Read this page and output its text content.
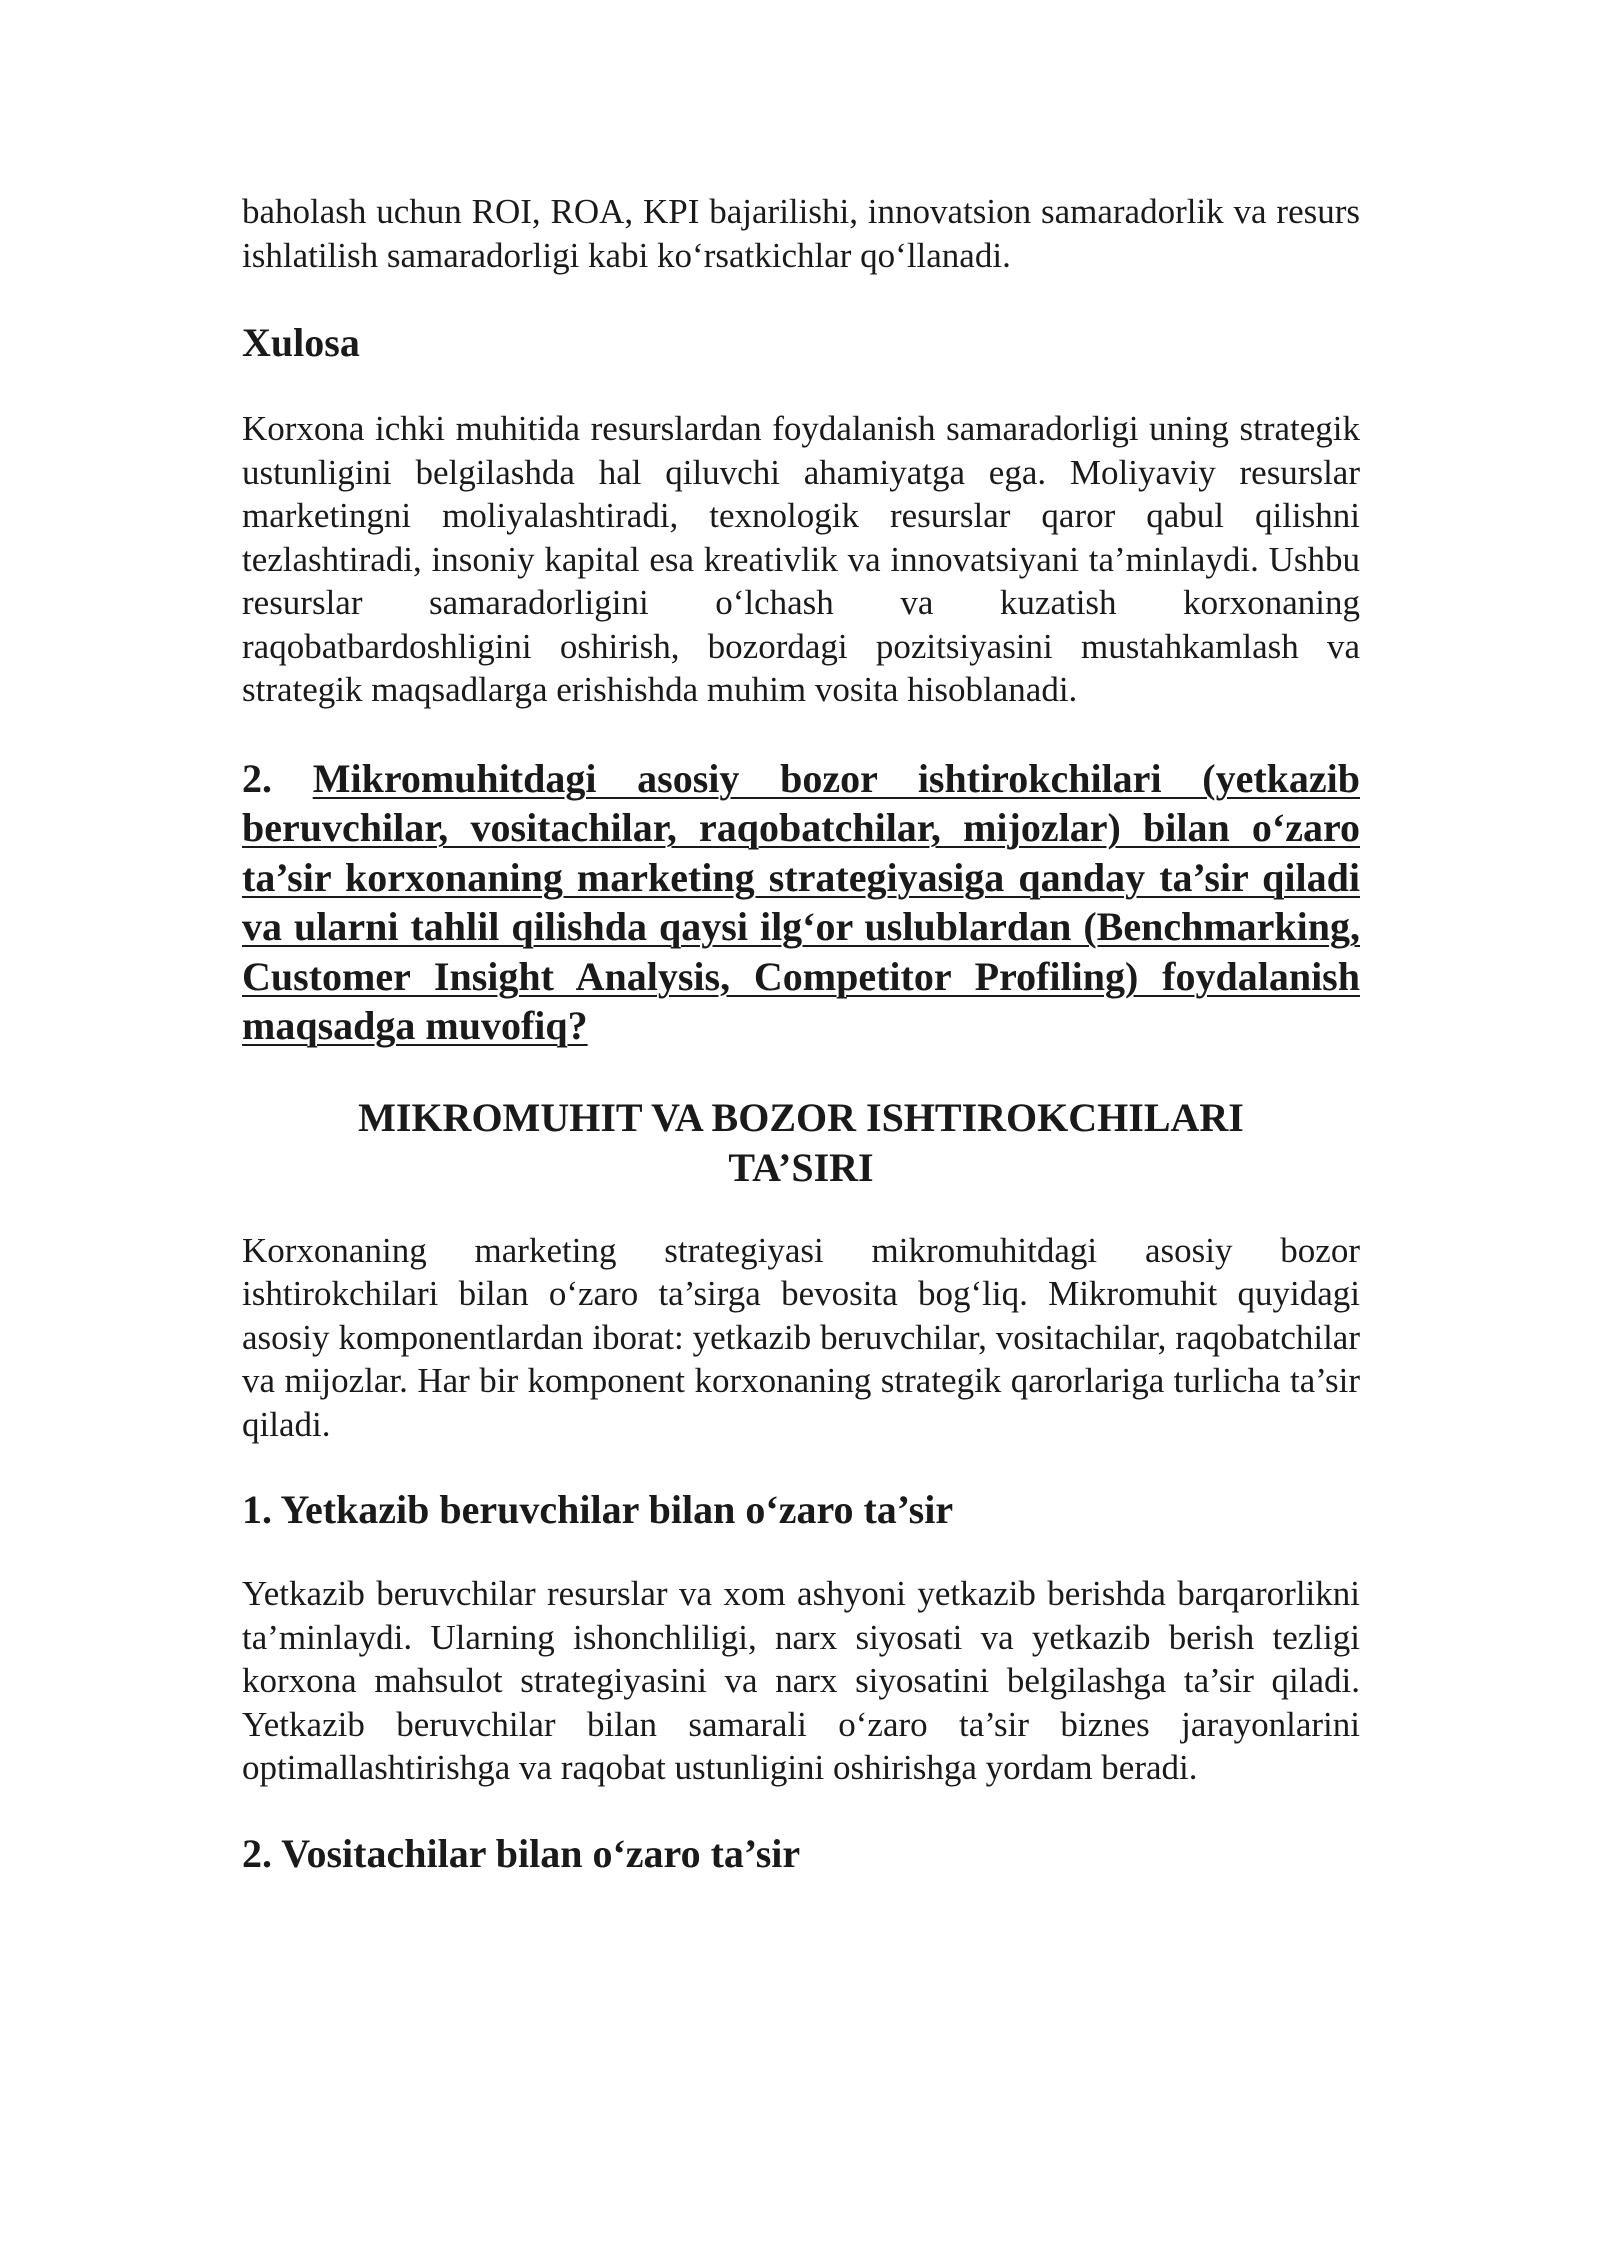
baholash uchun ROI, ROA, KPI bajarilishi, innovatsion samaradorlik va resurs ishlatilish samaradorligi kabi ko‘rsatkichlar qo‘llanadi.

Xulosa

Korxona ichki muhitida resurslardan foydalanish samaradorligi uning strategik ustunligini belgilashda hal qiluvchi ahamiyatga ega. Moliyaviy resurslar marketingni moliyalashtiradi, texnologik resurslar qaror qabul qilishni tezlashtiradi, insoniy kapital esa kreativlik va innovatsiyani ta’minlaydi. Ushbu resurslar samaradorligini o‘lchash va kuzatish korxonaning raqobatbardoshligini oshirish, bozordagi pozitsiyasini mustahkamlash va strategik maqsadlarga erishishda muhim vosita hisoblanadi.

2. Mikromuhitdagi asosiy bozor ishtirokchilari (yetkazib beruvchilar, vositachilar, raqobatchilar, mijozlar) bilan o‘zaro ta’sir korxonaning marketing strategiyasiga qanday ta’sir qiladi va ularni tahlil qilishda qaysi ilg‘or uslublardan (Benchmarking, Customer Insight Analysis, Competitor Profiling) foydalanish maqsadga muvofiq?

MIKROMUHIT VA BOZOR ISHTIROKCHILARI
TA’SIRI

Korxonaning marketing strategiyasi mikromuhitdagi asosiy bozor ishtirokchilari bilan o‘zaro ta’sirga bevosita bog‘liq. Mikromuhit quyidagi asosiy komponentlardan iborat: yetkazib beruvchilar, vositachilar, raqobatchilar va mijozlar. Har bir komponent korxonaning strategik qarorlariga turlicha ta’sir qiladi.

1. Yetkazib beruvchilar bilan o‘zaro ta’sir

Yetkazib beruvchilar resurslar va xom ashyoni yetkazib berishda barqarorlikni ta’minlaydi. Ularning ishonchliligi, narx siyosati va yetkazib berish tezligi korxona mahsulot strategiyasini va narx siyosatini belgilashga ta’sir qiladi. Yetkazib beruvchilar bilan samarali o‘zaro ta’sir biznes jarayonlarini optimallashtirishga va raqobat ustunligini oshirishga yordam beradi.

2. Vositachilar bilan o‘zaro ta’sir
